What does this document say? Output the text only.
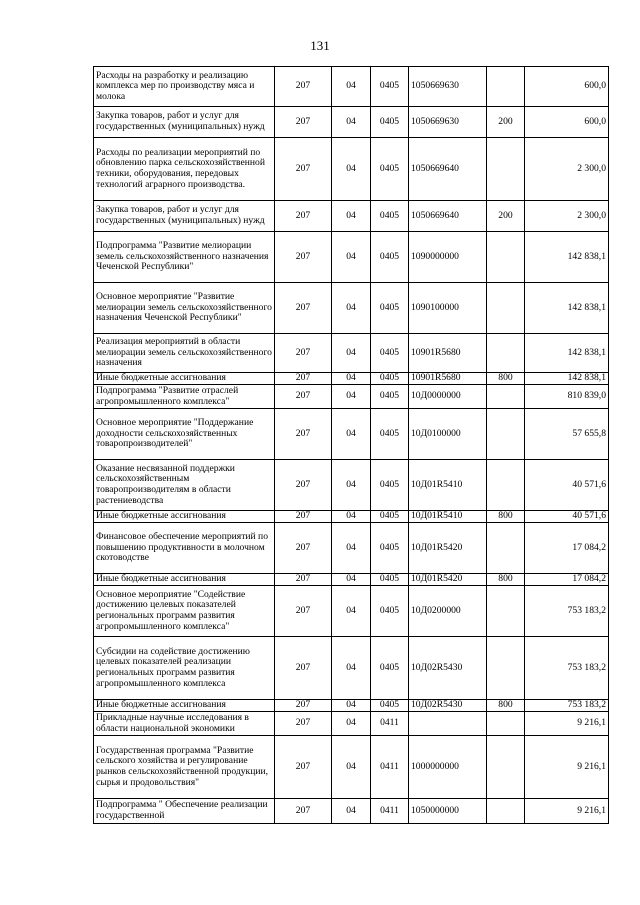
131
Расходы на разработку и реализацию комплекса мер по производству мяса и молока	207	04	0405	1050669630		600,0
Закупка товаров, работ и услуг для государственных (муниципальных) нужд	207	04	0405	1050669630	200	600,0
Расходы по реализации мероприятий по обновлению парка сельскохозяйственной техники, оборудования, передовых технологий аграрного производства.	207	04	0405	1050669640		2 300,0
Закупка товаров, работ и услуг для государственных (муниципальных) нужд	207	04	0405	1050669640	200	2 300,0
Подпрограмма "Развитие мелиорации земель сельскохозяйственного назначения Чеченской Республики"	207	04	0405	1090000000		142 838,1
Основное мероприятие "Развитие мелиорации земель сельскохозяйственного назначения Чеченской Республики"	207	04	0405	1090100000		142 838,1
Реализация мероприятий в области мелиорации земель сельскохозяйственного назначения	207	04	0405	10901R5680		142 838,1
Иные бюджетные ассигнования	207	04	0405	10901R5680	800	142 838,1
Подпрограмма "Развитие отраслей агропромышленного комплекса"	207	04	0405	10Д0000000		810 839,0
Основное мероприятие "Поддержание доходности сельскохозяйственных товаропроизводителей"	207	04	0405	10Д0100000		57 655,8
Оказание несвязанной поддержки сельскохозяйственным товаропроизводителям в области растениеводства	207	04	0405	10Д01R5410		40 571,6
Иные бюджетные ассигнования	207	04	0405	10Д01R5410	800	40 571,6
Финансовое обеспечение мероприятий по повышению продуктивности в молочном скотоводстве	207	04	0405	10Д01R5420		17 084,2
Иные бюджетные ассигнования	207	04	0405	10Д01R5420	800	17 084,2
Основное мероприятие "Содействие достижению целевых показателей региональных программ развития агропромышленного комплекса"	207	04	0405	10Д0200000		753 183,2
Субсидии на содействие достижению целевых показателей реализации региональных программ развития агропромышленного комплекса	207	04	0405	10Д02R5430		753 183,2
Иные бюджетные ассигнования	207	04	0405	10Д02R5430	800	753 183,2
Прикладные научные исследования в области национальной экономики	207	04	0411			9 216,1
Государственная программа "Развитие сельского хозяйства и регулирование рынков сельскохозяйственной продукции, сырья и продовольствия"	207	04	0411	1000000000		9 216,1
Подпрограмма " Обеспечение реализации государственной	207	04	0411	1050000000		9 216,1
